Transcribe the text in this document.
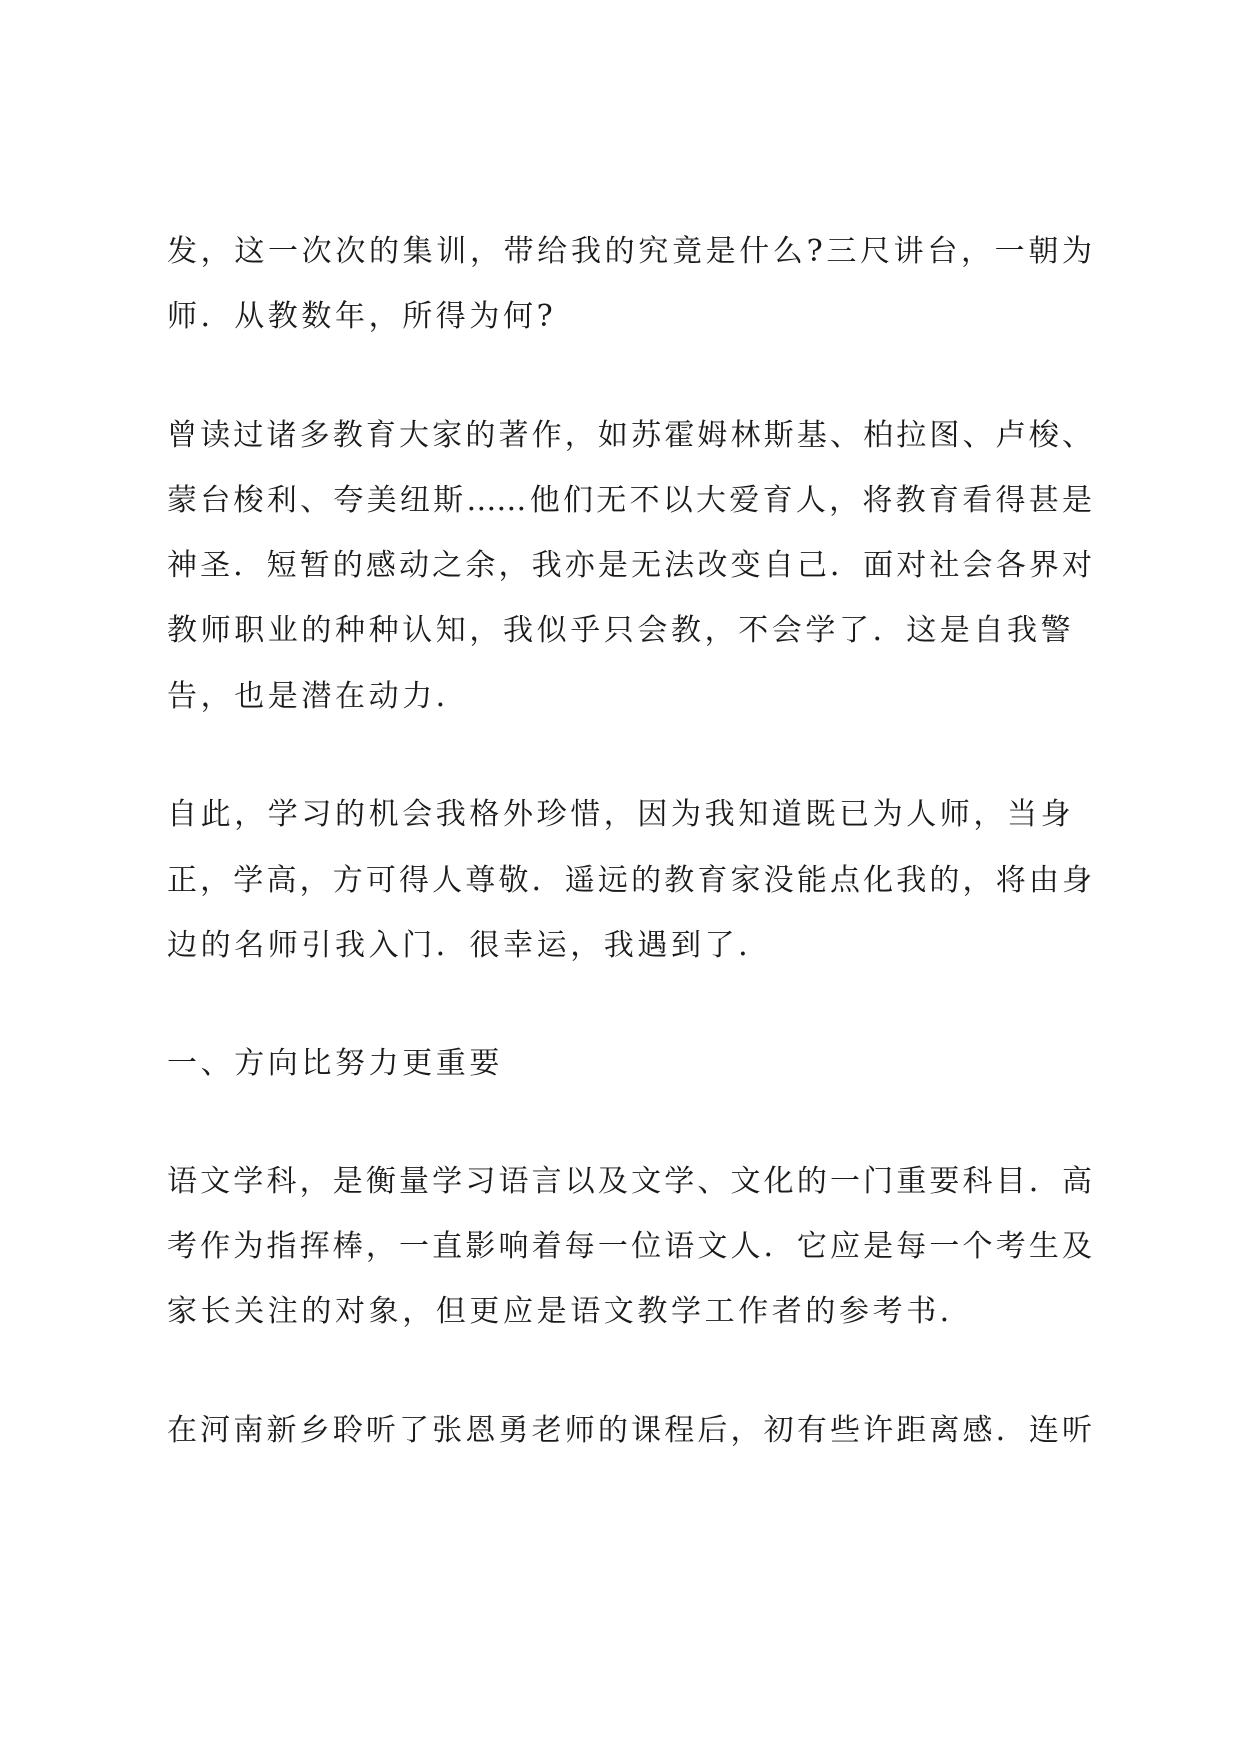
发，这一次次的集训，带给我的究竟是什么?三尺讲台，一朝为

师．从教数年，所得为何?

曾读过诸多教育大家的著作，如苏霍姆林斯基、柏拉图、卢梭、

蒙台梭利、夸美纽斯……他们无不以大爱育人，将教育看得甚是

神圣．短暂的感动之余，我亦是无法改变自己．面对社会各界对

教师职业的种种认知，我似乎只会教，不会学了．这是自我警

告，也是潜在动力．

自此，学习的机会我格外珍惜，因为我知道既已为人师，当身

正，学高，方可得人尊敬．遥远的教育家没能点化我的，将由身

边的名师引我入门．很幸运，我遇到了．

一、方向比努力更重要

语文学科，是衡量学习语言以及文学、文化的一门重要科目．高

考作为指挥棒，一直影响着每一位语文人．它应是每一个考生及

家长关注的对象，但更应是语文教学工作者的参考书．

在河南新乡聆听了张恩勇老师的课程后，初有些许距离感．连听
